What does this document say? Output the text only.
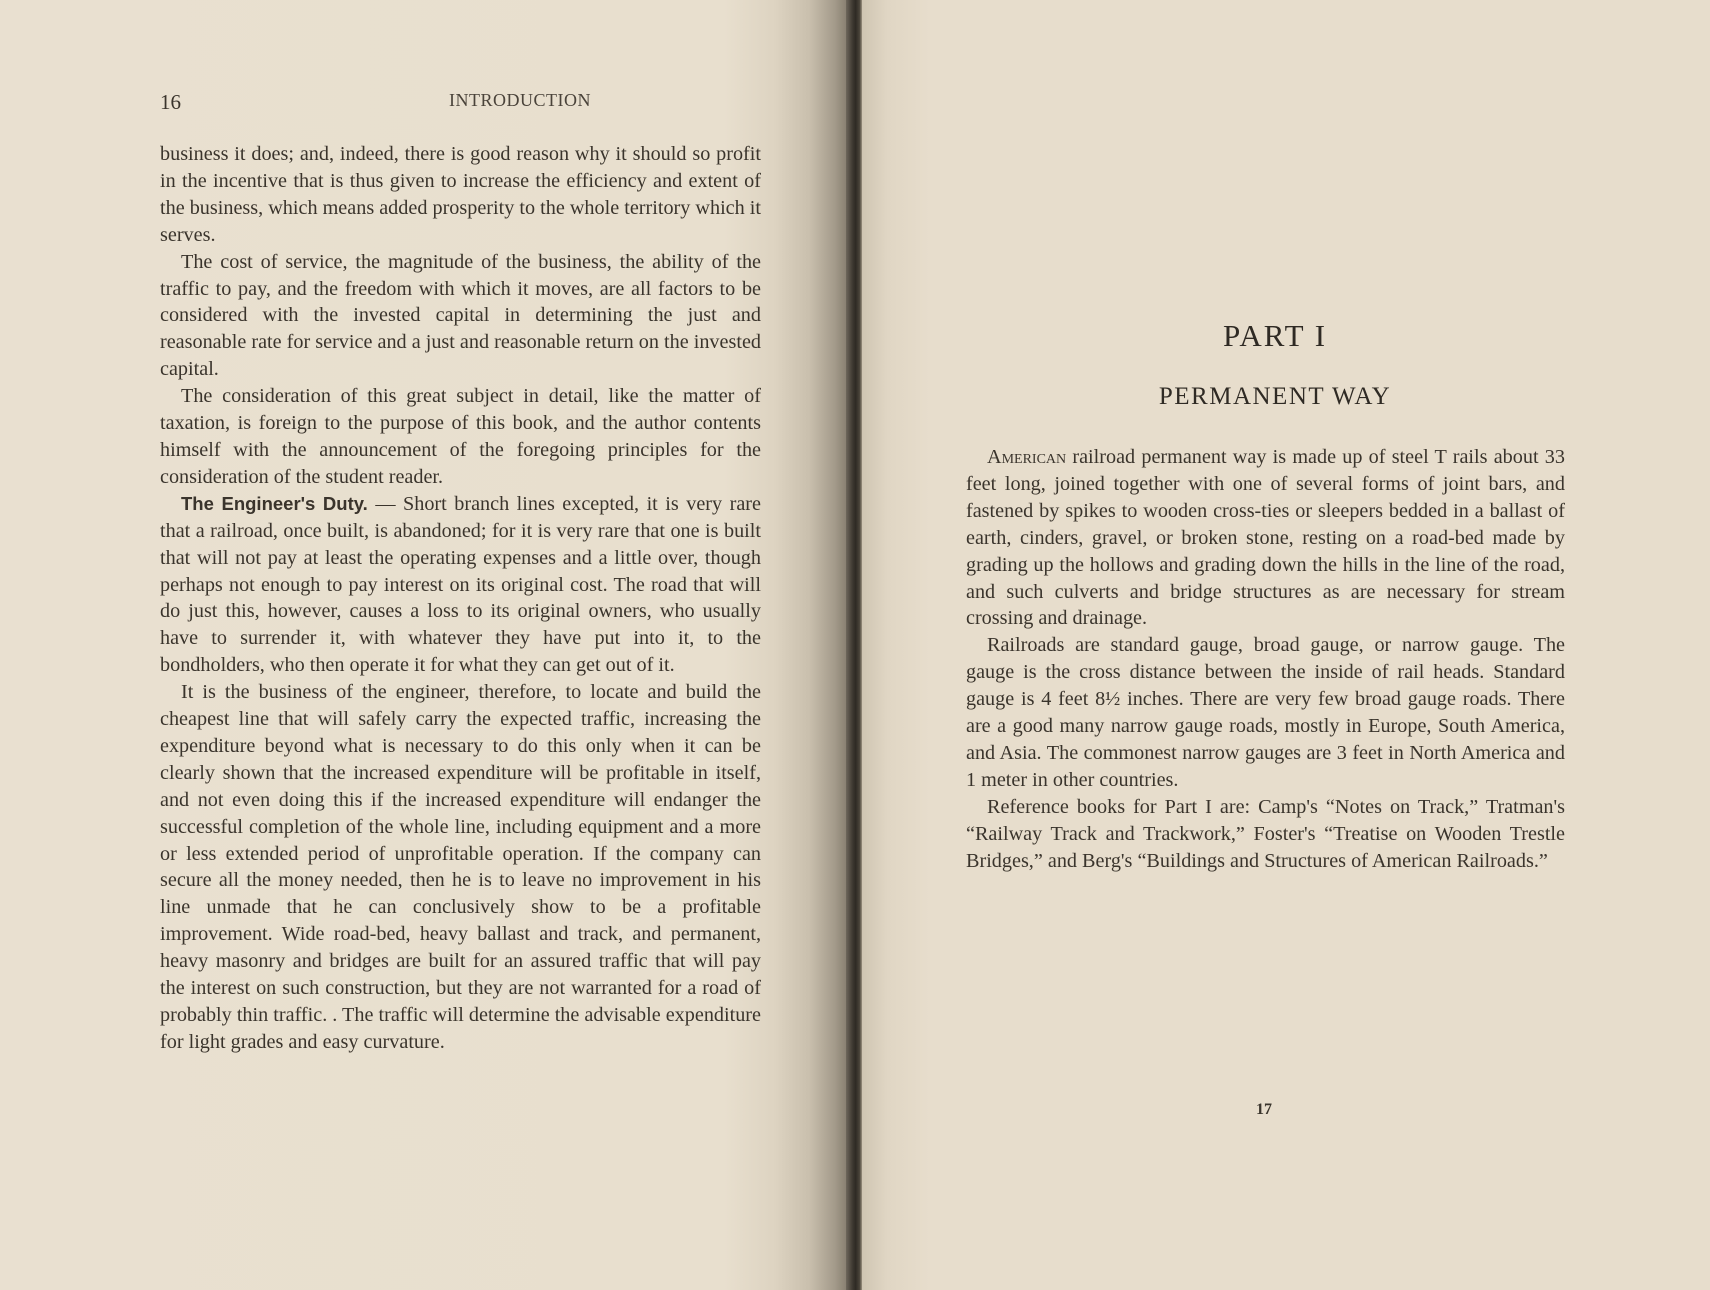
16	INTRODUCTION

business it does; and, indeed, there is good reason why it should so profit in the incentive that is thus given to increase the efficiency and extent of the business, which means added prosperity to the whole territory which it serves.

The cost of service, the magnitude of the business, the ability of the traffic to pay, and the freedom with which it moves, are all factors to be considered with the invested capital in determining the just and reasonable rate for service and a just and reasonable return on the invested capital.

The consideration of this great subject in detail, like the matter of taxation, is foreign to the purpose of this book, and the author contents himself with the announcement of the foregoing principles for the consideration of the student reader.

The Engineer's Duty. — Short branch lines excepted, it is very rare that a railroad, once built, is abandoned; for it is very rare that one is built that will not pay at least the operating expenses and a little over, though perhaps not enough to pay interest on its original cost. The road that will do just this, however, causes a loss to its original owners, who usually have to surrender it, with whatever they have put into it, to the bondholders, who then operate it for what they can get out of it.

It is the business of the engineer, therefore, to locate and build the cheapest line that will safely carry the expected traffic, increasing the expenditure beyond what is necessary to do this only when it can be clearly shown that the increased expenditure will be profitable in itself, and not even doing this if the increased expenditure will endanger the successful completion of the whole line, including equipment and a more or less extended period of unprofitable operation. If the company can secure all the money needed, then he is to leave no improvement in his line unmade that he can conclusively show to be a profitable improvement. Wide road-bed, heavy ballast and track, and permanent, heavy masonry and bridges are built for an assured traffic that will pay the interest on such construction, but they are not warranted for a road of probably thin traffic. . The traffic will determine the advisable expenditure for light grades and easy curvature.

PART I
PERMANENT WAY

American railroad permanent way is made up of steel T rails about 33 feet long, joined together with one of several forms of joint bars, and fastened by spikes to wooden cross-ties or sleepers bedded in a ballast of earth, cinders, gravel, or broken stone, resting on a road-bed made by grading up the hollows and grading down the hills in the line of the road, and such culverts and bridge structures as are necessary for stream crossing and drainage.

Railroads are standard gauge, broad gauge, or narrow gauge. The gauge is the cross distance between the inside of rail heads. Standard gauge is 4 feet 8½ inches. There are very few broad gauge roads. There are a good many narrow gauge roads, mostly in Europe, South America, and Asia. The commonest narrow gauges are 3 feet in North America and 1 meter in other countries.

Reference books for Part I are: Camp's “Notes on Track,” Tratman's “Railway Track and Trackwork,” Foster's “Treatise on Wooden Trestle Bridges,” and Berg's “Buildings and Structures of American Railroads.”

17
